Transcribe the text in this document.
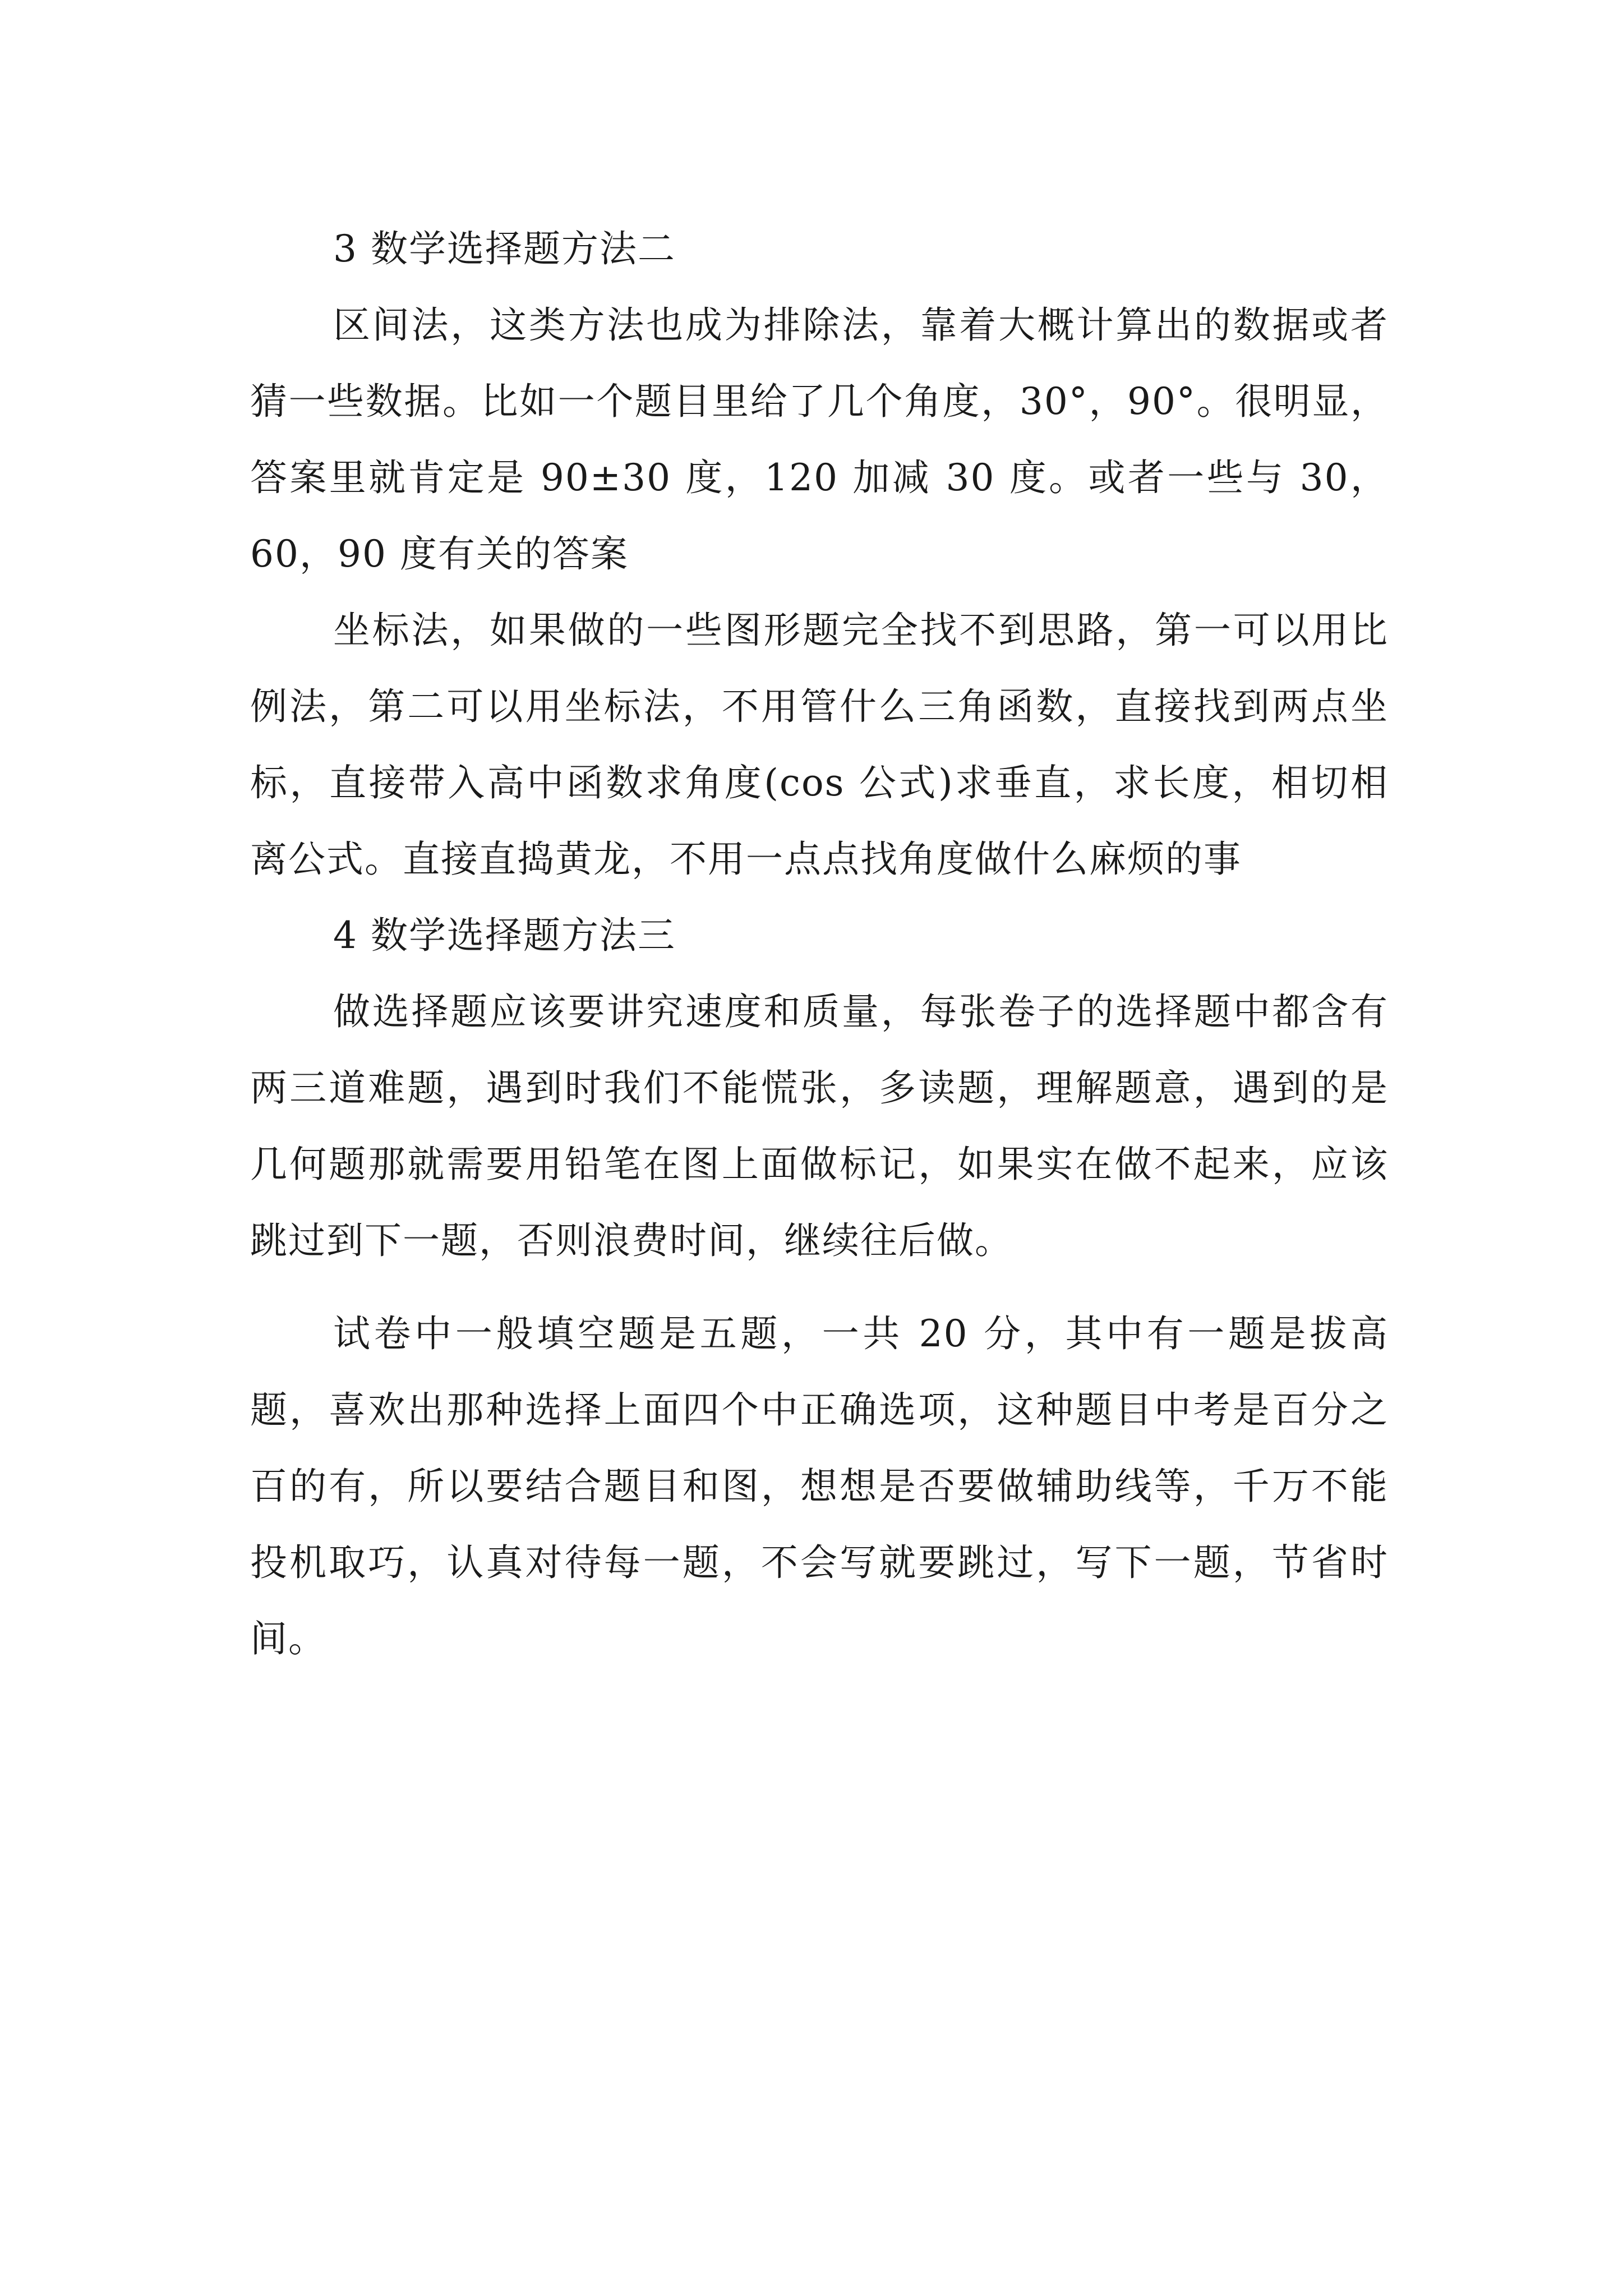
3 数学选择题方法二

区间法，这类方法也成为排除法，靠着大概计算出的数据或者猜一些数据。比如一个题目里给了几个角度，30°，90°。很明显，答案里就肯定是 90±30 度，120 加减 30 度。或者一些与 30，60，90 度有关的答案

坐标法，如果做的一些图形题完全找不到思路，第一可以用比例法，第二可以用坐标法，不用管什么三角函数，直接找到两点坐标，直接带入高中函数求角度(cos 公式)求垂直，求长度，相切相离公式。直接直捣黄龙，不用一点点找角度做什么麻烦的事

4 数学选择题方法三

做选择题应该要讲究速度和质量，每张卷子的选择题中都含有两三道难题，遇到时我们不能慌张，多读题，理解题意，遇到的是几何题那就需要用铅笔在图上面做标记，如果实在做不起来，应该跳过到下一题，否则浪费时间，继续往后做。

试卷中一般填空题是五题，一共 20 分，其中有一题是拔高题，喜欢出那种选择上面四个中正确选项，这种题目中考是百分之百的有，所以要结合题目和图，想想是否要做辅助线等，千万不能投机取巧，认真对待每一题，不会写就要跳过，写下一题，节省时间。
